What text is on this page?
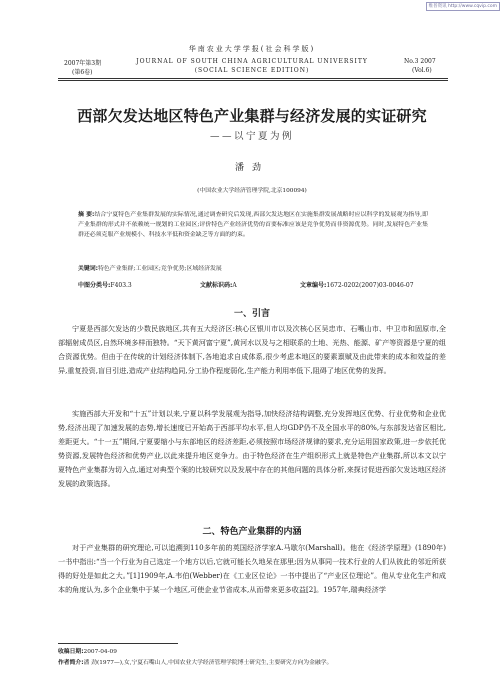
维普资讯 http://www.cqvip.com
华南农业大学学报(社会科学版)
2007年第3期
(第6卷)
JOURNAL OF SOUTH CHINA AGRICULTURAL UNIVERSITY
(SOCIAL SCIENCE EDITION)
No.3 2007
(Vol.6)
西部欠发达地区特色产业集群与经济发展的实证研究
——以宁夏为例
潘劲
(中国农业大学经济管理学院,北京100094)
摘 要:结合宁夏特色产业集群发展的实际情况,通过调查研究后发现,西部欠发达地区在实施集群发展战略时应以科学的发展观为指导,即产业集群的形式并不依赖统一规划的工业园区;评价特色产业经济优势的首要标准应该是竞争优势而非资源优势。同时,发展特色产业集群还必须克服产业规模小、科技水平低和资金缺乏等方面的约束。
关键词:特色产业集群;工业园区;竞争优势;区域经济发展
中图分类号:F403.3	文献标识码:A	文章编号:1672-0202(2007)03-0046-07
一、引言
宁夏是西部欠发达的少数民族地区,共有五大经济区:核心区银川市以及次核心区吴忠市、石嘴山市、中卫市和固原市,全部辐射成员区,自然环境多样而独特。“天下黄河富宁夏”,黄河水以及与之相联系的土地、光热、能源、矿产等资源是宁夏的组合资源优势。但由于在传统的计划经济体制下,各地追求自成体系,很少考虑本地区的要素禀赋及由此带来的成本和效益的差异,重复投资,盲目引进,造成产业结构趋同,分工协作程度弱化,生产能力利用率低下,阻碍了地区优势的发挥。
实施西部大开发和“十五”计划以来,宁夏以科学发展观为指导,加快经济结构调整,充分发挥地区优势、行业优势和企业优势,经济出现了加速发展的态势,增长速度已开始高于西部平均水平,但人均GDP仍不及全国水平的80%,与东部发达省区相比,差距更大。“十一五”期间,宁夏要缩小与东部地区的经济差距,必须按照市场经济规律的要求,充分运用国家政策,进一步依托优势资源,发展特色经济和优势产业,以此来提升地区竞争力。由于特色经济在生产组织形式上就是特色产业集群,所以本文以宁夏特色产业集群为切入点,通过对典型个案的比较研究以及发展中存在的其他问题的具体分析,来探讨促进西部欠发达地区经济发展的政策选择。
二、特色产业集群的内涵
对于产业集群的研究理论,可以追溯到110多年前的英国经济学家A.马歇尔(Marshall)。他在《经济学原理》(1890年)一书中指出:“当一个行业为自己选定一个地方以后,它就可能长久地呆在那里;因为从事同一技术行业的人们从彼此的邻近所获得的好处是如此之大。”[1]1909年,A.韦伯(Webber)在《工业区位论》一书中提出了“产业区位理论”。他从专业化生产和成本的角度认为,多个企业集中于某一个地区,可使企业节省成本,从而带来更多收益[2]。1957年,瑞典经济学
收稿日期:2007-04-09
作者简介:潘 劲(1977—),女,宁夏石嘴山人,中国农业大学经济管理学院博士研究生,主要研究方向为金融学。
